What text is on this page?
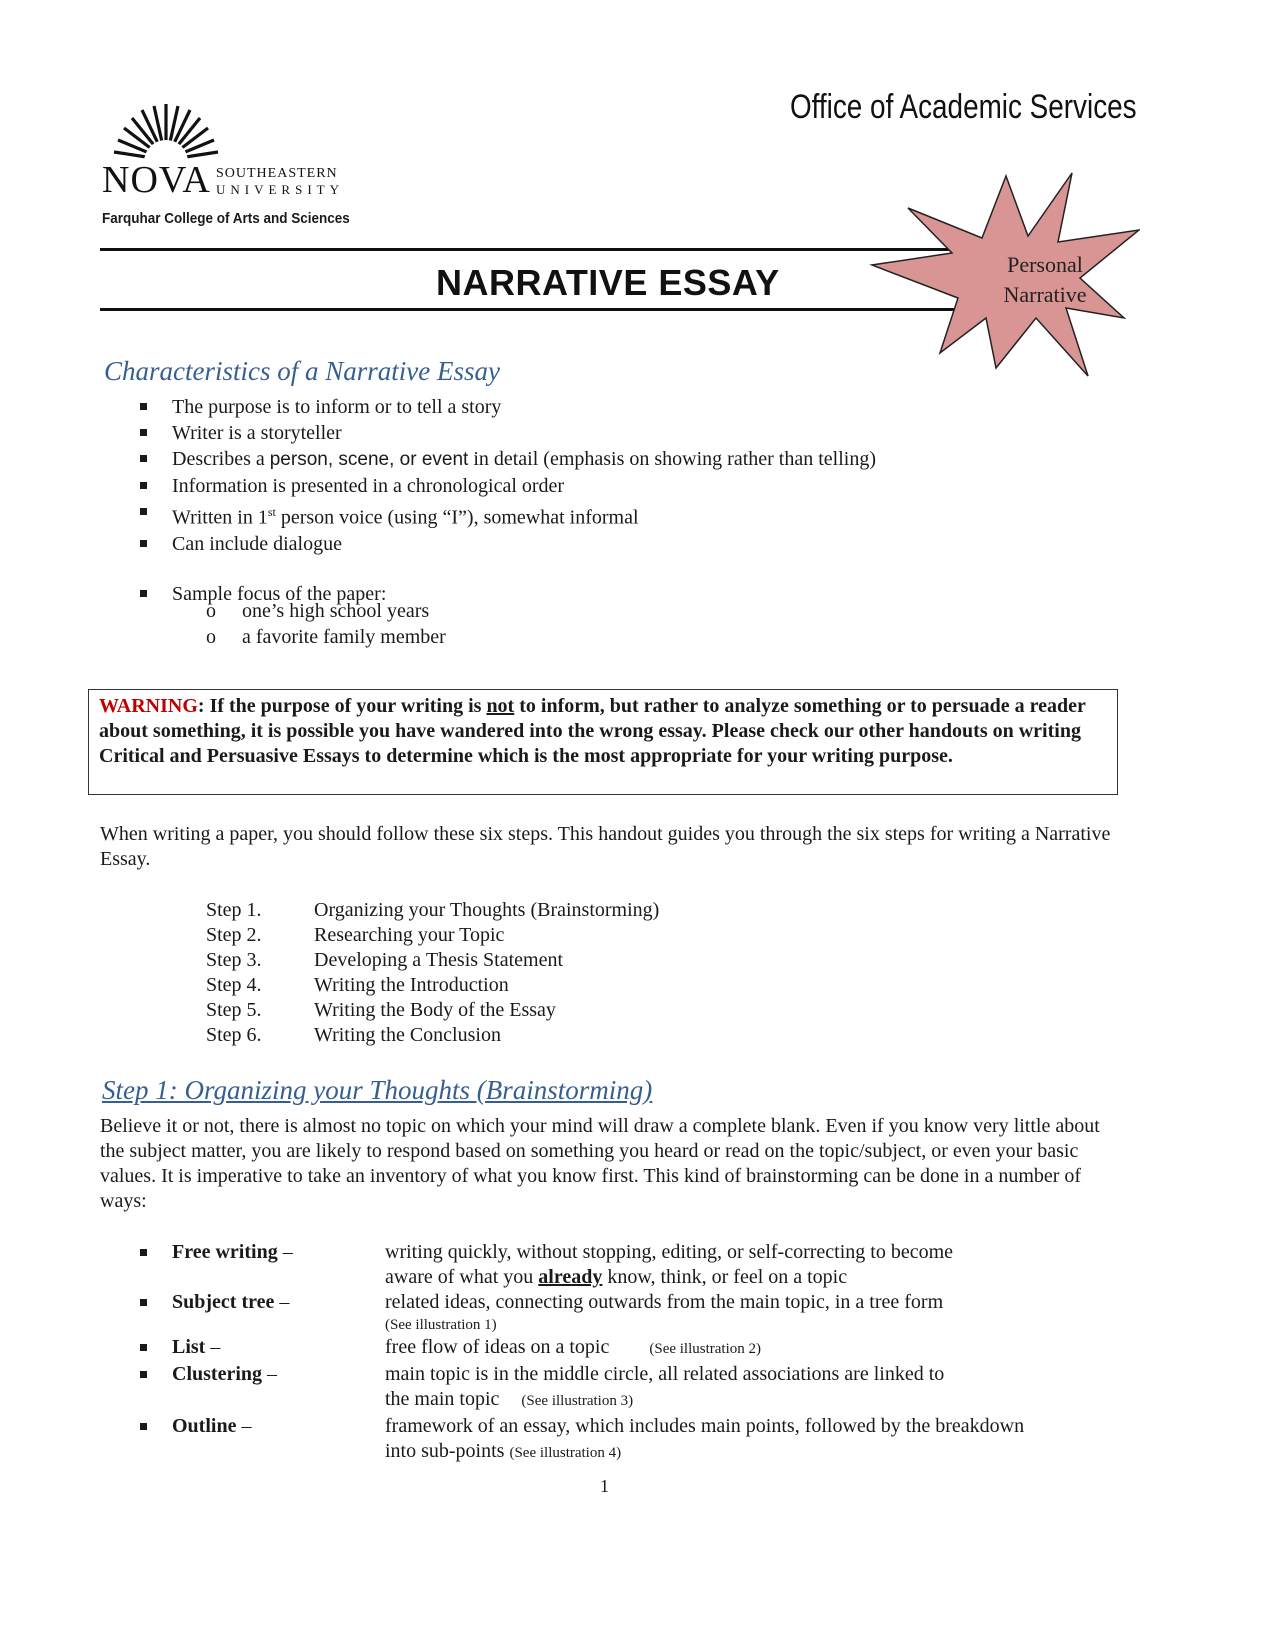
Office of Academic Services
NOVA SOUTHEASTERN
UNIVERSITY
Farquhar College of Arts and Sciences
NARRATIVE ESSAY	Personal
Narrative
Characteristics of a Narrative Essay
The purpose is to inform or to tell a story
Writer is a storyteller
Describes a person, scene, or event in detail (emphasis on showing rather than telling)
Information is presented in a chronological order
Written in 1st person voice (using “I”), somewhat informal
Can include dialogue
Sample focus of the paper:
o one’s high school years
o a favorite family member
WARNING: If the purpose of your writing is not to inform, but rather to analyze something or to persuade a reader about something, it is possible you have wandered into the wrong essay. Please check our other handouts on writing Critical and Persuasive Essays to determine which is the most appropriate for your writing purpose.
When writing a paper, you should follow these six steps. This handout guides you through the six steps for writing a Narrative Essay.
Step 1.	Organizing your Thoughts (Brainstorming)
Step 2.	Researching your Topic
Step 3.	Developing a Thesis Statement
Step 4.	Writing the Introduction
Step 5.	Writing the Body of the Essay
Step 6.	Writing the Conclusion
Step 1: Organizing your Thoughts (Brainstorming)
Believe it or not, there is almost no topic on which your mind will draw a complete blank. Even if you know very little about the subject matter, you are likely to respond based on something you heard or read on the topic/subject, or even your basic values. It is imperative to take an inventory of what you know first. This kind of brainstorming can be done in a number of ways:
Free writing –	writing quickly, without stopping, editing, or self-correcting to become
aware of what you already know, think, or feel on a topic
Subject tree –	related ideas, connecting outwards from the main topic, in a tree form
(See illustration 1)
List –	free flow of ideas on a topic	(See illustration 2)
Clustering –	main topic is in the middle circle, all related associations are linked to
the main topic (See illustration 3)
Outline –	framework of an essay, which includes main points, followed by the breakdown
into sub-points (See illustration 4)
1
